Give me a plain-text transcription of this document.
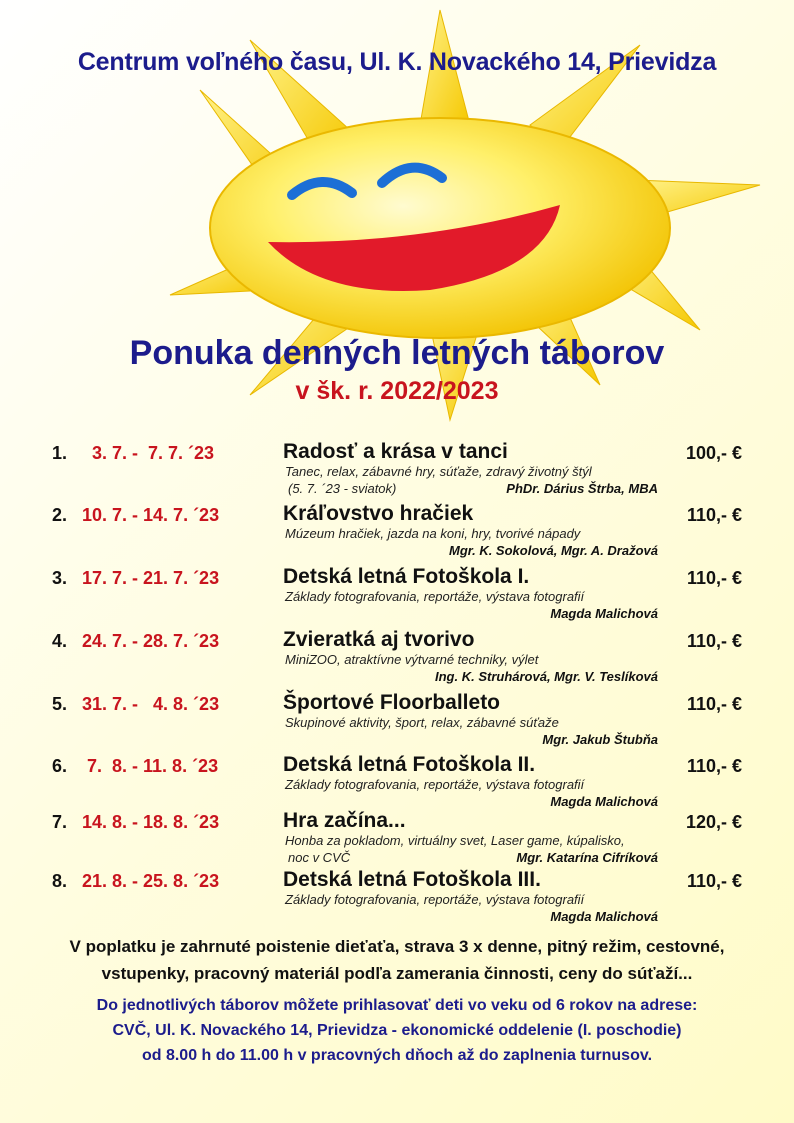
Centrum voľného času, Ul. K. Novackého 14, Prievidza
Ponuka denných letných táborov
v šk. r. 2022/2023
1. 3. 7. -  7. 7. ´23	Radosť a krása v tanci	100,- €
Tanec, relax, zábavné hry, súťaže, zdravý životný štýl
(5. 7. ´23 - sviatok)	PhDr. Dárius Štrba, MBA
2. 10. 7. - 14. 7. ´23	Kráľovstvo hračiek	110,- €
Múzeum hračiek, jazda na koni, hry, tvorivé nápady
Mgr. K. Sokolová, Mgr. A. Dražová
3. 17. 7. - 21. 7. ´23	Detská letná Fotoškola I.	110,- €
Základy fotografovania, reportáže, výstava fotografií
Magda Malichová
4. 24. 7. - 28. 7. ´23	Zvieratká aj tvorivo	110,- €
MiniZOO, atraktívne výtvarné techniky, výlet
Ing. K. Struhárová, Mgr. V. Teslíková
5. 31. 7. -   4. 8. ´23	Športové Floorballeto	110,- €
Skupinové aktivity, šport, relax, zábavné súťaže
Mgr. Jakub Štubňa
6. 7.  8. - 11. 8. ´23	Detská letná Fotoškola II.	110,- €
Základy fotografovania, reportáže, výstava fotografií
Magda Malichová
7. 14. 8. - 18. 8. ´23	Hra začína...	120,- €
Honba za pokladom, virtuálny svet, Laser game, kúpalisko,
noc v CVČ	Mgr. Katarína Cifríková
8. 21. 8. - 25. 8. ´23	Detská letná Fotoškola III.	110,- €
Základy fotografovania, reportáže, výstava fotografií
Magda Malichová
V poplatku je zahrnuté poistenie dieťaťa, strava 3 x denne, pitný režim, cestovné,
vstupenky, pracovný materiál podľa zamerania činnosti, ceny do súťaží...
Do jednotlivých táborov môžete prihlasovať deti vo veku od 6 rokov na adrese:
CVČ, Ul. K. Novackého 14, Prievidza - ekonomické oddelenie (I. poschodie)
od 8.00 h do 11.00 h v pracovných dňoch až do zaplnenia turnusov.
